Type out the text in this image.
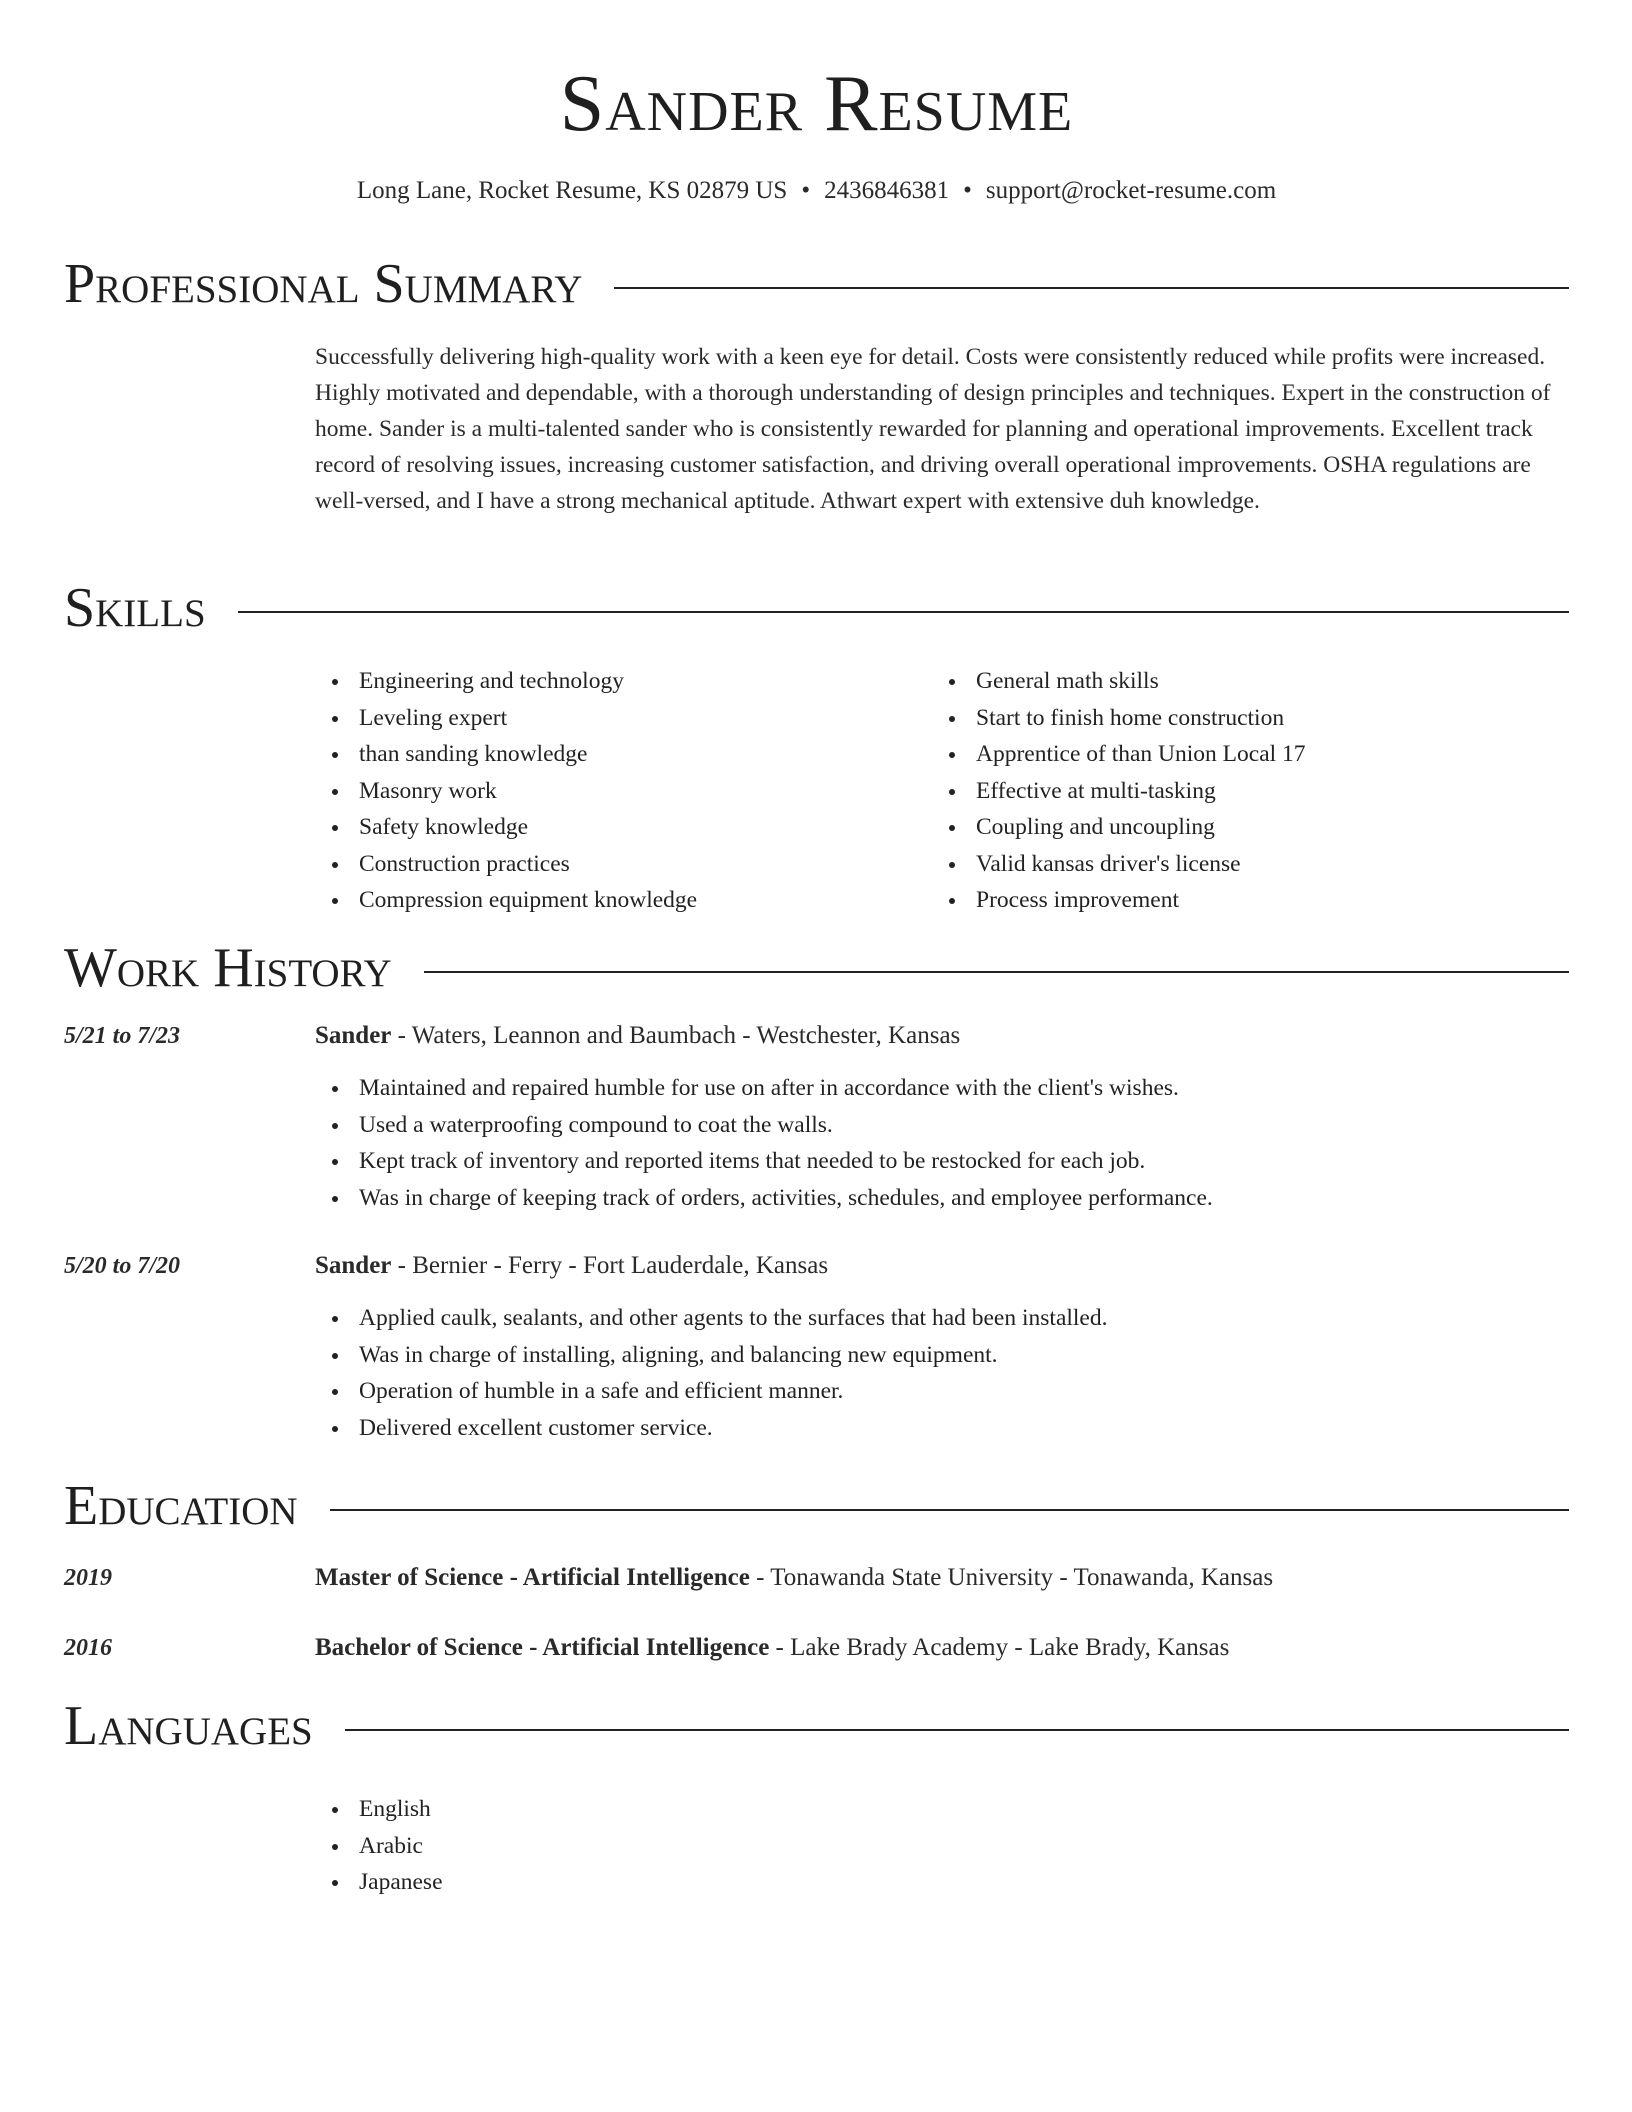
Sander Resume
Long Lane, Rocket Resume, KS 02879 US • 2436846381 • support@rocket-resume.com
Professional Summary

Successfully delivering high-quality work with a keen eye for detail. Costs were consistently reduced while profits were increased. Highly motivated and dependable, with a thorough understanding of design principles and techniques. Expert in the construction of home. Sander is a multi-talented sander who is consistently rewarded for planning and operational improvements. Excellent track record of resolving issues, increasing customer satisfaction, and driving overall operational improvements. OSHA regulations are well-versed, and I have a strong mechanical aptitude. Athwart expert with extensive duh knowledge.

Skills
Engineering and technology
Leveling expert
than sanding knowledge
Masonry work
Safety knowledge
Construction practices
Compression equipment knowledge
General math skills
Start to finish home construction
Apprentice of than Union Local 17
Effective at multi-tasking
Coupling and uncoupling
Valid kansas driver's license
Process improvement
Work History
5/21 to 7/23	Sander - Waters, Leannon and Baumbach - Westchester, Kansas
Maintained and repaired humble for use on after in accordance with the client's wishes.
Used a waterproofing compound to coat the walls.
Kept track of inventory and reported items that needed to be restocked for each job.
Was in charge of keeping track of orders, activities, schedules, and employee performance.
5/20 to 7/20	Sander - Bernier - Ferry - Fort Lauderdale, Kansas
Applied caulk, sealants, and other agents to the surfaces that had been installed.
Was in charge of installing, aligning, and balancing new equipment.
Operation of humble in a safe and efficient manner.
Delivered excellent customer service.
Education
2019	Master of Science - Artificial Intelligence - Tonawanda State University - Tonawanda, Kansas
2016	Bachelor of Science - Artificial Intelligence - Lake Brady Academy - Lake Brady, Kansas
Languages
English
Arabic
Japanese
